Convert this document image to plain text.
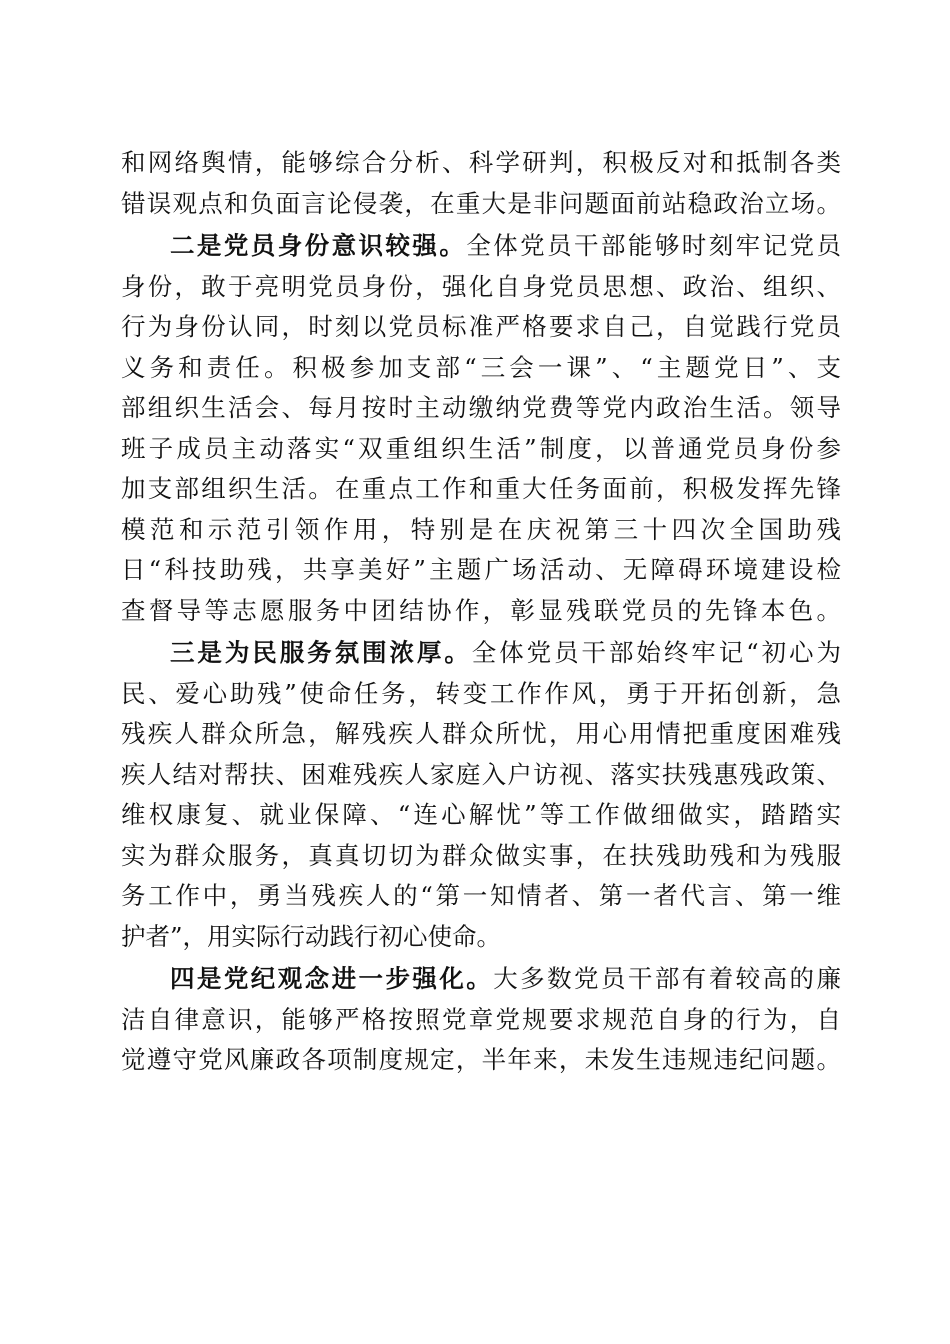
和网络舆情，能够综合分析、科学研判，积极反对和抵制各类
错误观点和负面言论侵袭，在重大是非问题面前站稳政治立场。
二是党员身份意识较强。全体党员干部能够时刻牢记党员
身份，敢于亮明党员身份，强化自身党员思想、政治、组织、
行为身份认同，时刻以党员标准严格要求自己，自觉践行党员
义务和责任。积极参加支部“三会一课”、“主题党日”、支
部组织生活会、每月按时主动缴纳党费等党内政治生活。领导
班子成员主动落实“双重组织生活”制度，以普通党员身份参
加支部组织生活。在重点工作和重大任务面前，积极发挥先锋
模范和示范引领作用，特别是在庆祝第三十四次全国助残
日“科技助残，共享美好”主题广场活动、无障碍环境建设检
查督导等志愿服务中团结协作，彰显残联党员的先锋本色。
三是为民服务氛围浓厚。全体党员干部始终牢记“初心为
民、爱心助残”使命任务，转变工作作风，勇于开拓创新，急
残疾人群众所急，解残疾人群众所忧，用心用情把重度困难残
疾人结对帮扶、困难残疾人家庭入户访视、落实扶残惠残政策、
维权康复、就业保障、“连心解忧”等工作做细做实，踏踏实
实为群众服务，真真切切为群众做实事，在扶残助残和为残服
务工作中，勇当残疾人的“第一知情者、第一者代言、第一维
护者”，用实际行动践行初心使命。
四是党纪观念进一步强化。大多数党员干部有着较高的廉
洁自律意识，能够严格按照党章党规要求规范自身的行为，自
觉遵守党风廉政各项制度规定，半年来，未发生违规违纪问题。
